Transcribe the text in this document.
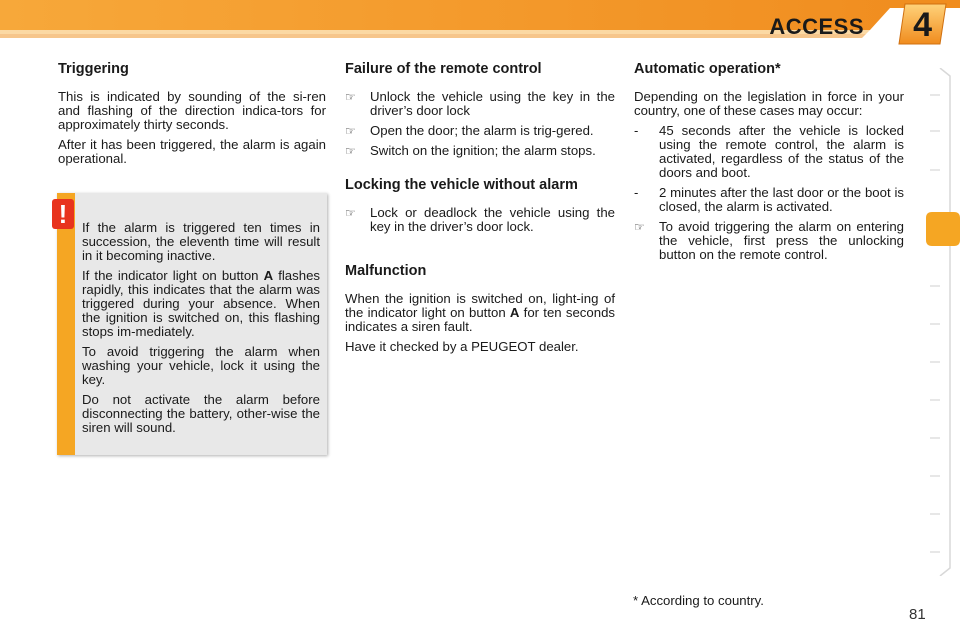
ACCESS 4
Triggering

This is indicated by sounding of the si-ren and flashing of the direction indica-tors for approximately thirty seconds.

After it has been triggered, the alarm is again operational.

If the alarm is triggered ten times in succession, the eleventh time will result in it becoming inactive.

If the indicator light on button A flashes rapidly, this indicates that the alarm was triggered during your absence. When the ignition is switched on, this flashing stops im-mediately.

To avoid triggering the alarm when washing your vehicle, lock it using the key.

Do not activate the alarm before disconnecting the battery, other-wise the siren will sound.

!
Failure of the remote control
☞ Unlock the vehicle using the key in the driver’s door lock
☞ Open the door; the alarm is trig-gered.
☞ Switch on the ignition; the alarm stops.
Locking the vehicle without alarm
☞ Lock or deadlock the vehicle using the key in the driver’s door lock.
Malfunction

When the ignition is switched on, light-ing of the indicator light on button A for ten seconds indicates a siren fault.

Have it checked by a PEUGEOT dealer.

Automatic operation*

Depending on the legislation in force in your country, one of these cases may occur:

- 45 seconds after the vehicle is locked using the remote control, the alarm is activated, regardless of the status of the doors and boot.
- 2 minutes after the last door or the boot is closed, the alarm is activated.
☞ To avoid triggering the alarm on entering the vehicle, first press the unlocking button on the remote control.
* According to country.
81
